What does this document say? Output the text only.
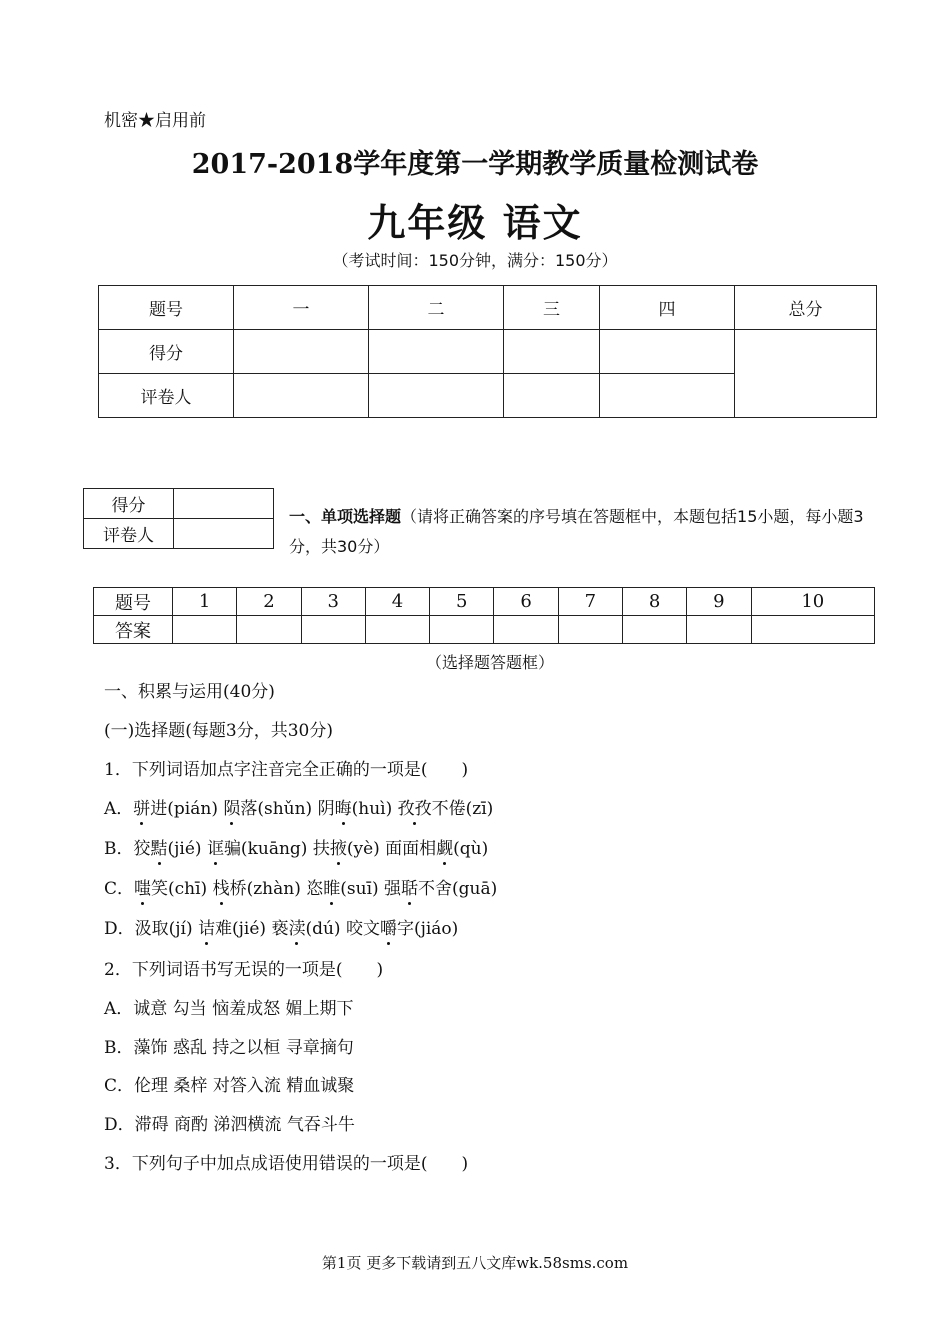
机密★启用前
2017-2018学年度第一学期教学质量检测试卷
九年级 语文
（考试时间：150分钟，满分：150分）
题号	一	二	三	四	总分
得分					
评卷人					
得分	
评卷人	
一、单项选择题（请将正确答案的序号填在答题框中，本题包括15小题，每小题3分，共30分）
题号	1	2	3	4	5	6	7	8	9	10
答案										
（选择题答题框）
一、积累与运用(40分)
(一)选择题(每题3分，共30分)
1．下列词语加点字注音完全正确的一项是(　　)
A．骈进(pián) 陨落(shǔn) 阴晦(huì) 孜孜不倦(zī)
B．狡黠(jié) 诓骗(kuāng) 扶掖(yè) 面面相觑(qù)
C．嗤笑(chī) 栈桥(zhàn) 恣睢(suī) 强聒不舍(guā)
D．汲取(jí) 诘难(jié) 亵渎(dú) 咬文嚼字(jiáo)
2．下列词语书写无误的一项是(　　)
A．诚意 勾当 恼羞成怒 媚上期下
B．藻饰 惑乱 持之以桓 寻章摘句
C．伦理 桑梓 对答入流 精血诚聚
D．滞碍 商酌 涕泗横流 气吞斗牛
3．下列句子中加点成语使用错误的一项是(　　)
第1页 更多下载请到五八文库wk.58sms.com
